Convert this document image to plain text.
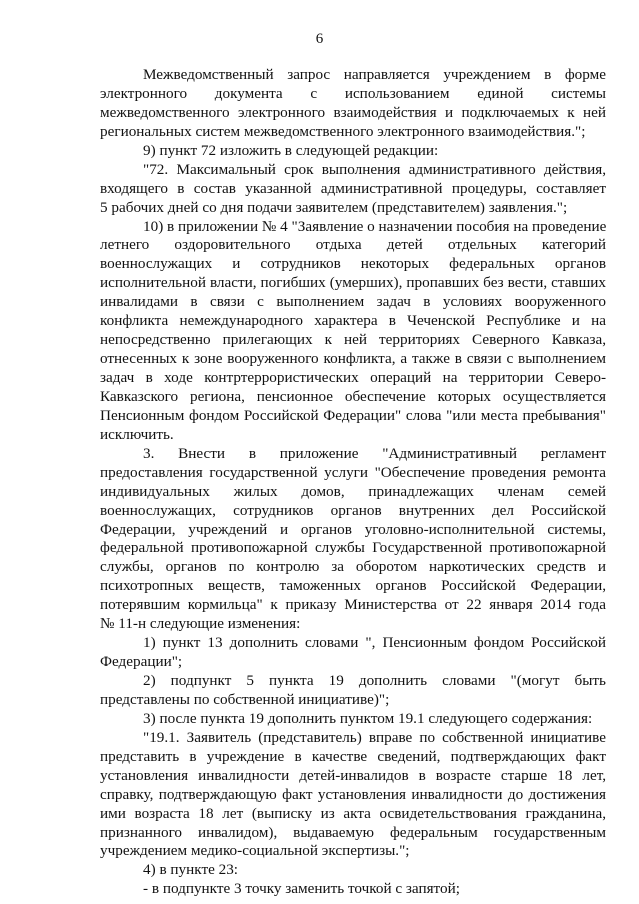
6
Межведомственный запрос направляется учреждением в форме
электронного документа с использованием единой системы
межведомственного электронного взаимодействия и подключаемых к ней
региональных систем межведомственного электронного взаимодействия.";
9) пункт 72 изложить в следующей редакции:
"72. Максимальный срок выполнения административного действия,
входящего в состав указанной административной процедуры, составляет
5 рабочих дней со дня подачи заявителем (представителем) заявления.";
10) в приложении № 4 "Заявление о назначении пособия на проведение
летнего оздоровительного отдыха детей отдельных категорий
военнослужащих и сотрудников некоторых федеральных органов
исполнительной власти, погибших (умерших), пропавших без вести, ставших
инвалидами в связи с выполнением задач в условиях вооруженного
конфликта немеждународного характера в Чеченской Республике и на
непосредственно прилегающих к ней территориях Северного Кавказа,
отнесенных к зоне вооруженного конфликта, а также в связи с выполнением
задач в ходе контртеррористических операций на территории Северо-
Кавказского региона, пенсионное обеспечение которых осуществляется
Пенсионным фондом Российской Федерации" слова "или места пребывания"
исключить.
3. Внести в приложение "Административный регламент
предоставления государственной услуги "Обеспечение проведения ремонта
индивидуальных жилых домов, принадлежащих членам семей
военнослужащих, сотрудников органов внутренних дел Российской
Федерации, учреждений и органов уголовно-исполнительной системы,
федеральной противопожарной службы Государственной противопожарной
службы, органов по контролю за оборотом наркотических средств и
психотропных веществ, таможенных органов Российской Федерации,
потерявшим кормильца" к приказу Министерства от 22 января 2014 года
№ 11-н следующие изменения:
1) пункт 13 дополнить словами ", Пенсионным фондом Российской
Федерации";
2) подпункт 5 пункта 19 дополнить словами "(могут быть
представлены по собственной инициативе)";
3) после пункта 19 дополнить пунктом 19.1 следующего содержания:
"19.1. Заявитель (представитель) вправе по собственной инициативе
представить в учреждение в качестве сведений, подтверждающих факт
установления инвалидности детей-инвалидов в возрасте старше 18 лет,
справку, подтверждающую факт установления инвалидности до достижения
ими возраста 18 лет (выписку из акта освидетельствования гражданина,
признанного инвалидом), выдаваемую федеральным государственным
учреждением медико-социальной экспертизы.";
4) в пункте 23:
- в подпункте 3 точку заменить точкой с запятой;
